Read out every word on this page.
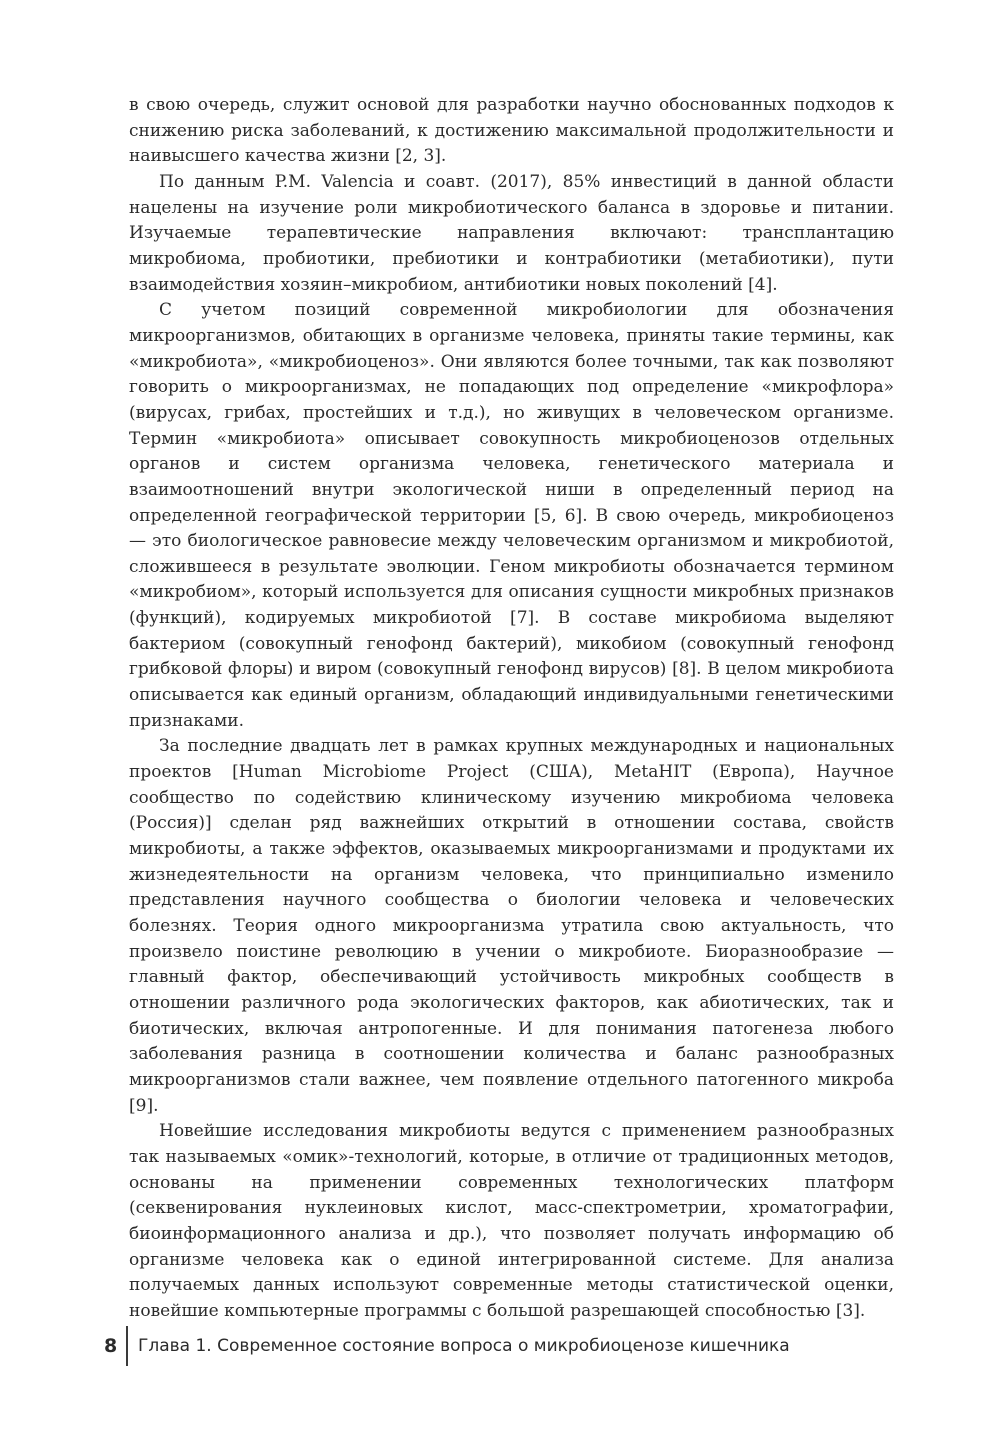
в свою очередь, служит основой для разработки научно обоснованных подходов к снижению риска заболеваний, к достижению максимальной продолжительности и наивысшего качества жизни [2, 3].

По данным P.M. Valencia и соавт. (2017), 85% инвестиций в данной области нацелены на изучение роли микробиотического баланса в здоровье и питании. Изучаемые терапевтические направления включают: трансплантацию микробиома, пробиотики, пребиотики и контрабиотики (метабиотики), пути взаимодействия хозяин–микробиом, антибиотики новых поколений [4].

С учетом позиций современной микробиологии для обозначения микроорганизмов, обитающих в организме человека, приняты такие термины, как «микробиота», «микробиоценоз». Они являются более точными, так как позволяют говорить о микроорганизмах, не попадающих под определение «микрофлора» (вирусах, грибах, простейших и т.д.), но живущих в человеческом организме. Термин «микробиота» описывает совокупность микробиоценозов отдельных органов и систем организма человека, генетического материала и взаимоотношений внутри экологической ниши в определенный период на определенной географической территории [5, 6]. В свою очередь, микробиоценоз — это биологическое равновесие между человеческим организмом и микробиотой, сложившееся в результате эволюции. Геном микробиоты обозначается термином «микробиом», который используется для описания сущности микробных признаков (функций), кодируемых микробиотой [7]. В составе микробиома выделяют бактериом (совокупный генофонд бактерий), микобиом (совокупный генофонд грибковой флоры) и виром (совокупный генофонд вирусов) [8]. В целом микробиота описывается как единый организм, обладающий индивидуальными генетическими признаками.

За последние двадцать лет в рамках крупных международных и национальных проектов [Human Microbiome Project (США), MetaHIT (Европа), Научное сообщество по содействию клиническому изучению микробиома человека (Россия)] сделан ряд важнейших открытий в отношении состава, свойств микробиоты, а также эффектов, оказываемых микроорганизмами и продуктами их жизнедеятельности на организм человека, что принципиально изменило представления научного сообщества о биологии человека и человеческих болезнях. Теория одного микроорганизма утратила свою актуальность, что произвело поистине революцию в учении о микробиоте. Биоразнообразие — главный фактор, обеспечивающий устойчивость микробных сообществ в отношении различного рода экологических факторов, как абиотических, так и биотических, включая антропогенные. И для понимания патогенеза любого заболевания разница в соотношении количества и баланс разнообразных микроорганизмов стали важнее, чем появление отдельного патогенного микроба [9].

Новейшие исследования микробиоты ведутся с применением разнообразных так называемых «омик»-технологий, которые, в отличие от традиционных методов, основаны на применении современных технологических платформ (секвенирования нуклеиновых кислот, масс-спектрометрии, хроматографии, биоинформационного анализа и др.), что позволяет получать информацию об организме человека как о единой интегрированной системе. Для анализа получаемых данных используют современные методы статистической оценки, новейшие компьютерные программы с большой разрешающей способностью [3].

8 Глава 1. Современное состояние вопроса о микробиоценозе кишечника
